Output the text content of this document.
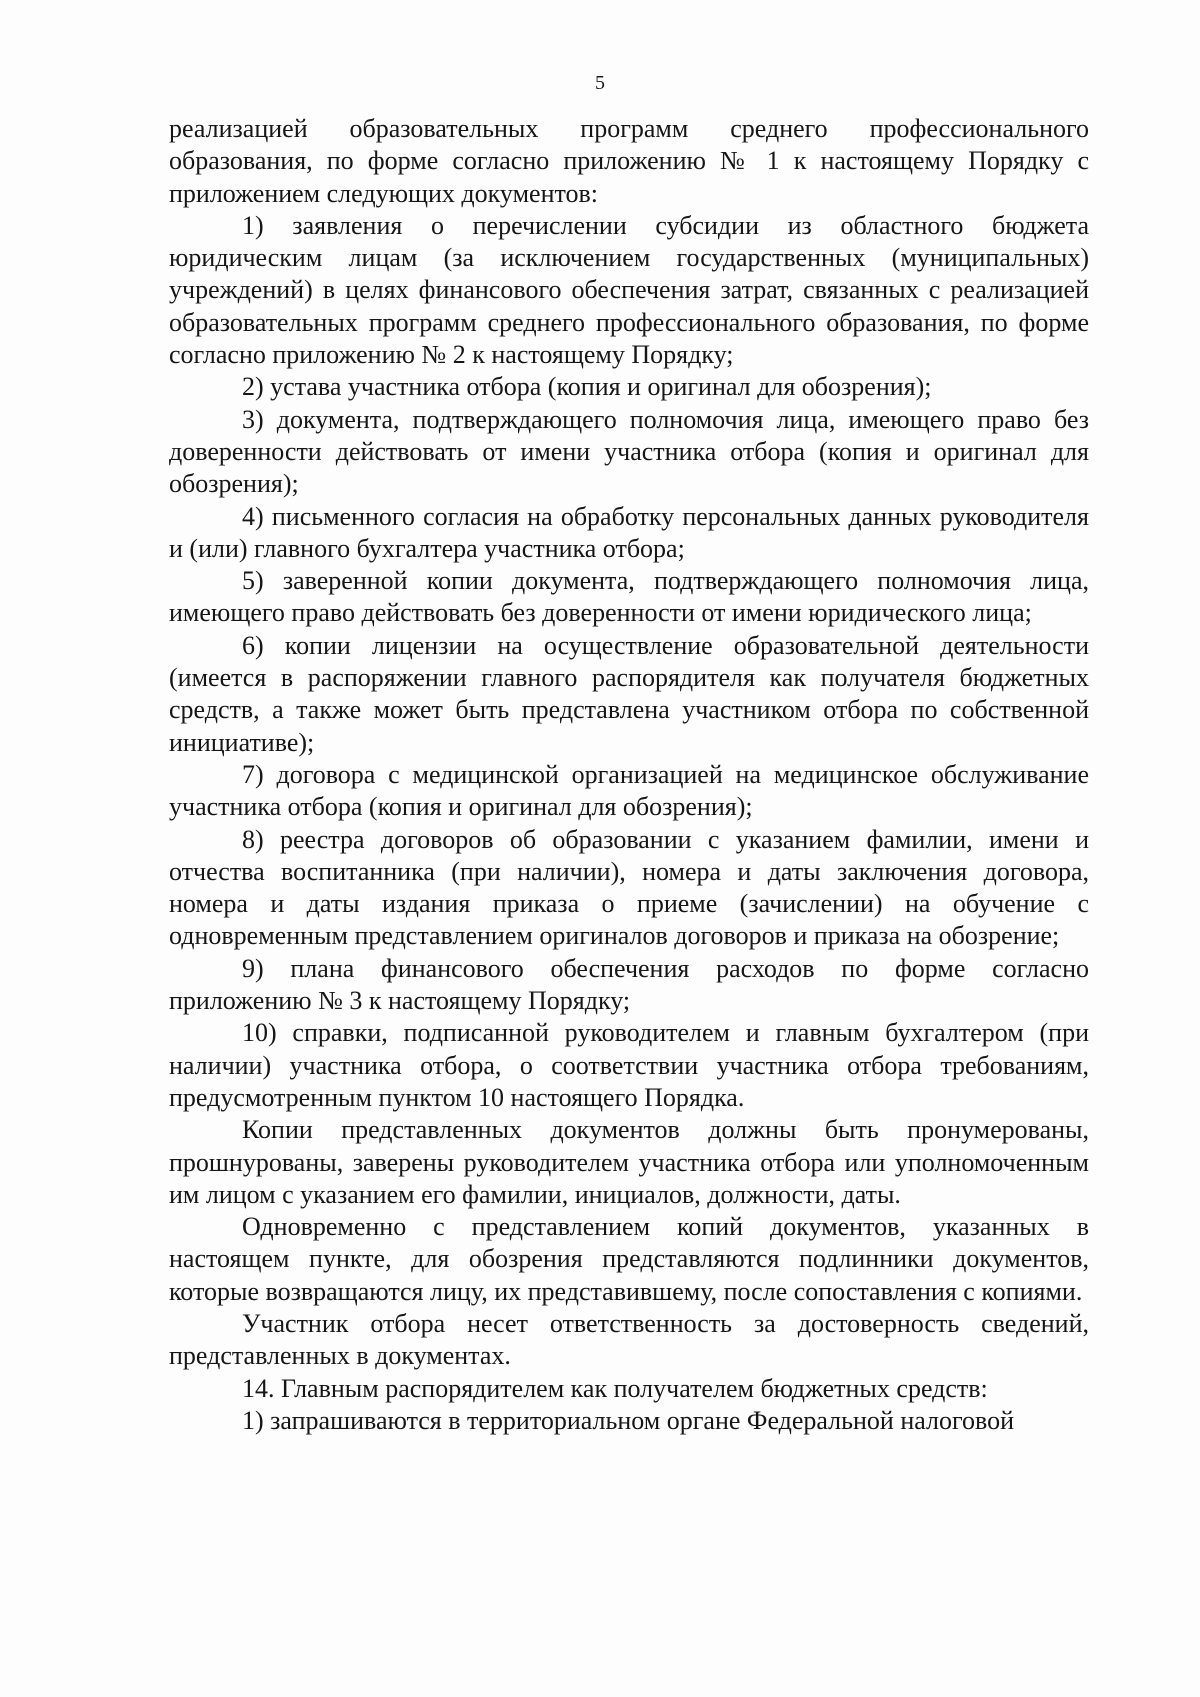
5

реализацией образовательных программ среднего профессионального образования, по форме согласно приложению № 1 к настоящему Порядку с приложением следующих документов:

1) заявления о перечислении субсидии из областного бюджета юридическим лицам (за исключением государственных (муниципальных) учреждений) в целях финансового обеспечения затрат, связанных с реализацией образовательных программ среднего профессионального образования, по форме согласно приложению № 2 к настоящему Порядку;

2) устава участника отбора (копия и оригинал для обозрения);

3) документа, подтверждающего полномочия лица, имеющего право без доверенности действовать от имени участника отбора (копия и оригинал для обозрения);

4) письменного согласия на обработку персональных данных руководителя и (или) главного бухгалтера участника отбора;

5) заверенной копии документа, подтверждающего полномочия лица, имеющего право действовать без доверенности от имени юридического лица;

6) копии лицензии на осуществление образовательной деятельности (имеется в распоряжении главного распорядителя как получателя бюджетных средств, а также может быть представлена участником отбора по собственной инициативе);

7) договора с медицинской организацией на медицинское обслуживание участника отбора (копия и оригинал для обозрения);

8) реестра договоров об образовании с указанием фамилии, имени и отчества воспитанника (при наличии), номера и даты заключения договора, номера и даты издания приказа о приеме (зачислении) на обучение с одновременным представлением оригиналов договоров и приказа на обозрение;

9) плана финансового обеспечения расходов по форме согласно приложению № 3 к настоящему Порядку;

10) справки, подписанной руководителем и главным бухгалтером (при наличии) участника отбора, о соответствии участника отбора требованиям, предусмотренным пунктом 10 настоящего Порядка.

Копии представленных документов должны быть пронумерованы, прошнурованы, заверены руководителем участника отбора или уполномоченным им лицом с указанием его фамилии, инициалов, должности, даты.

Одновременно с представлением копий документов, указанных в настоящем пункте, для обозрения представляются подлинники документов, которые возвращаются лицу, их представившему, после сопоставления с копиями.

Участник отбора несет ответственность за достоверность сведений, представленных в документах.

14. Главным распорядителем как получателем бюджетных средств:

1) запрашиваются в территориальном органе Федеральной налоговой
